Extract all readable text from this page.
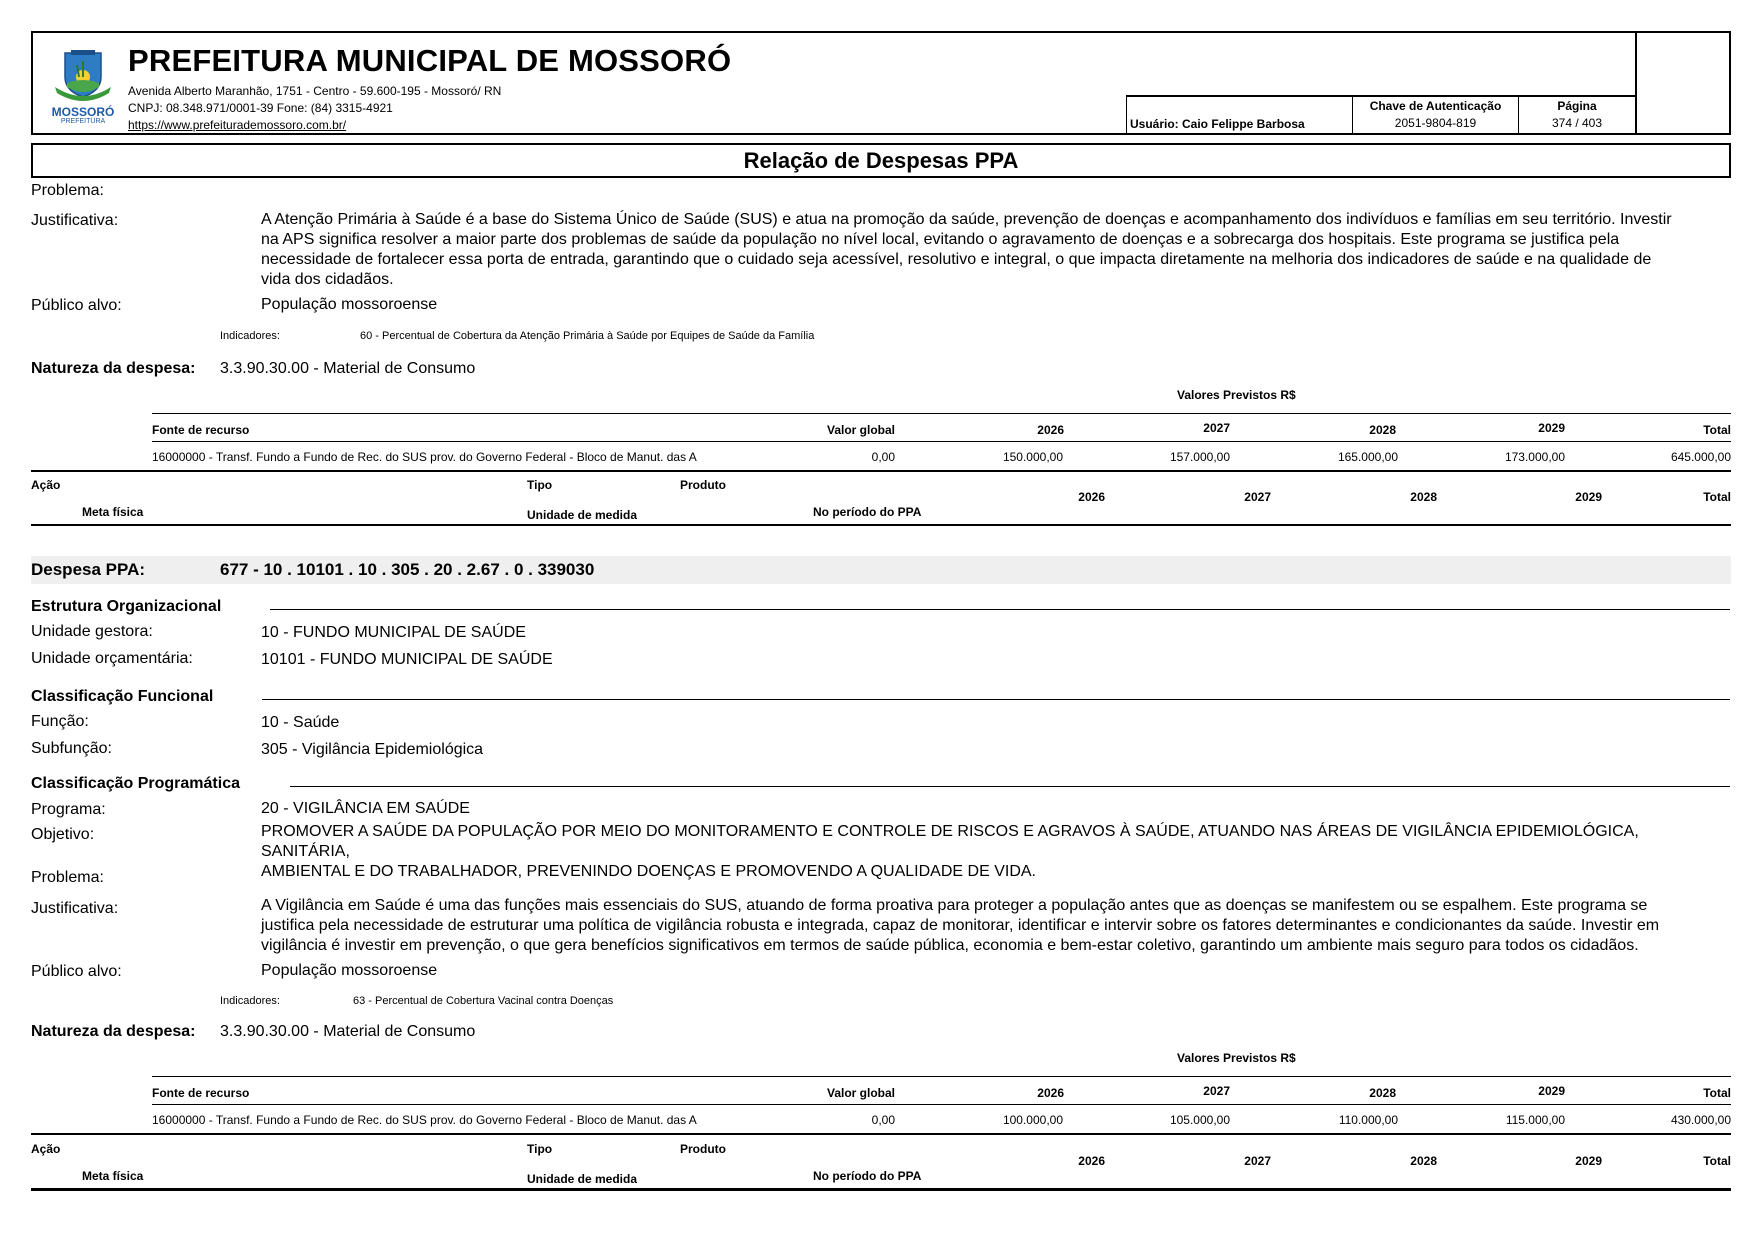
MOSSORÓ
PREFEITURA
PREFEITURA MUNICIPAL DE MOSSORÓ
Avenida Alberto Maranhão, 1751 - Centro - 59.600-195 - Mossoró/ RN
CNPJ: 08.348.971/0001-39 Fone: (84) 3315-4921
https://www.prefeiturademossoro.com.br/	Usuário: Caio Felippe Barbosa
Chave de Autenticação
2051-9804-819
Página
374 / 403
Relação de Despesas PPA
Problema:
Justificativa:	A Atenção Primária à Saúde é a base do Sistema Único de Saúde (SUS) e atua na promoção da saúde, prevenção de doenças e acompanhamento dos indivíduos e famílias em seu território. Investir
na APS significa resolver a maior parte dos problemas de saúde da população no nível local, evitando o agravamento de doenças e a sobrecarga dos hospitais. Este programa se justifica pela
necessidade de fortalecer essa porta de entrada, garantindo que o cuidado seja acessível, resolutivo e integral, o que impacta diretamente na melhoria dos indicadores de saúde e na qualidade de
vida dos cidadãos.
Público alvo:	População mossoroense
Indicadores:	60 - Percentual de Cobertura da Atenção Primária à Saúde por Equipes de Saúde da Família
Natureza da despesa: 3.3.90.30.00 - Material de Consumo
Valores Previstos R$
Fonte de recurso	Valor global	2026	2027	2028	2029	Total
16000000 - Transf. Fundo a Fundo de Rec. do SUS prov. do Governo Federal - Bloco de Manut. das A	0,00	150.000,00	157.000,00	165.000,00	173.000,00	645.000,00
Ação	Tipo	Produto
Meta física	Unidade de medida	No período do PPA
2026	2027	2028	2029	Total
Despesa PPA:	677 - 10 . 10101 . 10 . 305 . 20 . 2.67 . 0 . 339030
Estrutura Organizacional
Unidade gestora:	10 - FUNDO MUNICIPAL DE SAÚDE
Unidade orçamentária:	10101 - FUNDO MUNICIPAL DE SAÚDE
Classificação Funcional
Função:	10 - Saúde
Subfunção:	305 - Vigilância Epidemiológica
Classificação Programática
Programa:	20 - VIGILÂNCIA EM SAÚDE
Objetivo:	PROMOVER A SAÚDE DA POPULAÇÃO POR MEIO DO MONITORAMENTO E CONTROLE DE RISCOS E AGRAVOS À SAÚDE, ATUANDO NAS ÁREAS DE VIGILÂNCIA EPIDEMIOLÓGICA, SANITÁRIA,
AMBIENTAL E DO TRABALHADOR, PREVENINDO DOENÇAS E PROMOVENDO A QUALIDADE DE VIDA.
Problema:
Justificativa:	A Vigilância em Saúde é uma das funções mais essenciais do SUS, atuando de forma proativa para proteger a população antes que as doenças se manifestem ou se espalhem. Este programa se
justifica pela necessidade de estruturar uma política de vigilância robusta e integrada, capaz de monitorar, identificar e intervir sobre os fatores determinantes e condicionantes da saúde. Investir em
vigilância é investir em prevenção, o que gera benefícios significativos em termos de saúde pública, economia e bem-estar coletivo, garantindo um ambiente mais seguro para todos os cidadãos.
Público alvo:	População mossoroense
Indicadores:	63 - Percentual de Cobertura Vacinal contra Doenças
Natureza da despesa: 3.3.90.30.00 - Material de Consumo
Valores Previstos R$
Fonte de recurso	Valor global	2026	2027	2028	2029	Total
16000000 - Transf. Fundo a Fundo de Rec. do SUS prov. do Governo Federal - Bloco de Manut. das A	0,00	100.000,00	105.000,00	110.000,00	115.000,00	430.000,00
Ação	Tipo	Produto
Meta física	Unidade de medida	No período do PPA
2026	2027	2028	2029	Total
